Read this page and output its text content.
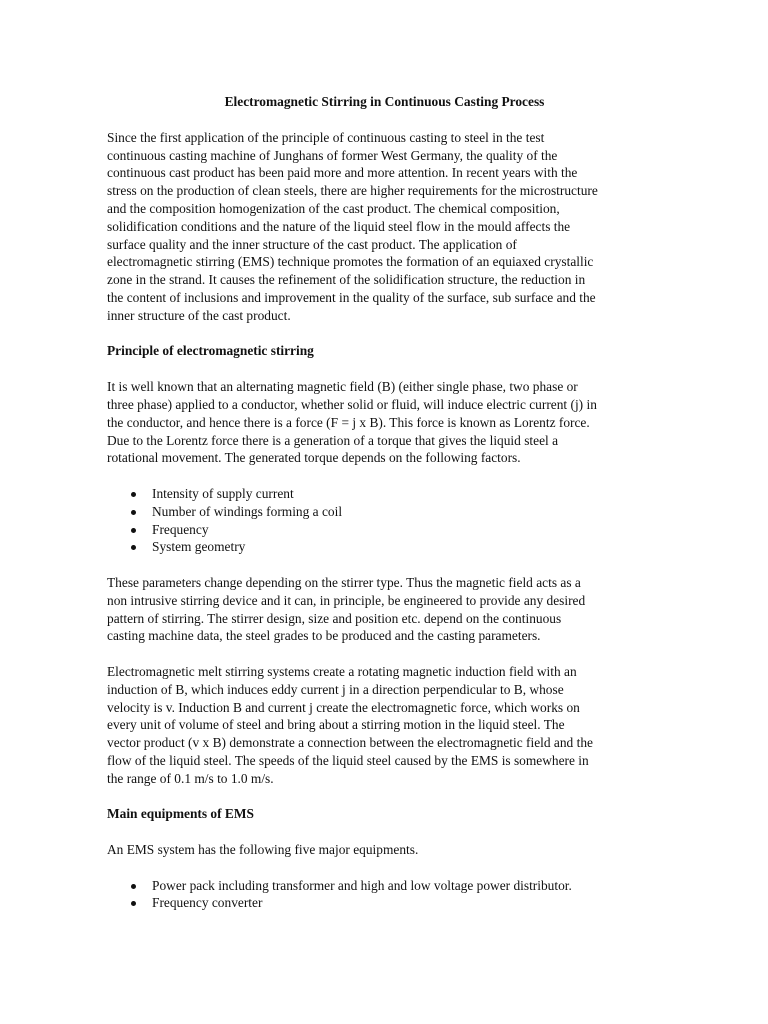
Electromagnetic Stirring in Continuous Casting Process
Since the first application of the principle of continuous casting to steel in the test
continuous casting machine of Junghans of former West Germany, the quality of the
continuous cast product has been paid more and more attention. In recent years with the
stress on the production of clean steels, there are higher requirements for the microstructure
and the composition homogenization of the cast product. The chemical composition,
solidification conditions and the nature of the liquid steel flow in the mould affects the
surface quality and the inner structure of the cast product. The application of
electromagnetic stirring (EMS) technique promotes the formation of an equiaxed crystallic
zone in the strand. It causes the refinement of the solidification structure, the reduction in
the content of inclusions and improvement in the quality of the surface, sub surface and the
inner structure of the cast product.
Principle of electromagnetic stirring
It is well known that an alternating magnetic field (B) (either single phase, two phase or
three phase) applied to a conductor, whether solid or fluid, will induce electric current (j) in
the conductor, and hence there is a force (F = j x B). This force is known as Lorentz force.
Due to the Lorentz force there is a generation of a torque that gives the liquid steel a
rotational movement. The generated torque depends on the following factors.
Intensity of supply current
Number of windings forming a coil
Frequency
System geometry
These parameters change depending on the stirrer type. Thus the magnetic field acts as a
non intrusive stirring device and it can, in principle, be engineered to provide any desired
pattern of stirring. The stirrer design, size and position etc. depend on the continuous
casting machine data, the steel grades to be produced and the casting parameters.
Electromagnetic melt stirring systems create a rotating magnetic induction field with an
induction of B, which induces eddy current j in a direction perpendicular to B, whose
velocity is v. Induction B and current j create the electromagnetic force, which works on
every unit of volume of steel and bring about a stirring motion in the liquid steel. The
vector product (v x B) demonstrate a connection between the electromagnetic field and the
flow of the liquid steel. The speeds of the liquid steel caused by the EMS is somewhere in
the range of 0.1 m/s to 1.0 m/s.
Main equipments of EMS
An EMS system has the following five major equipments.
Power pack including transformer and high and low voltage power distributor.
Frequency converter
